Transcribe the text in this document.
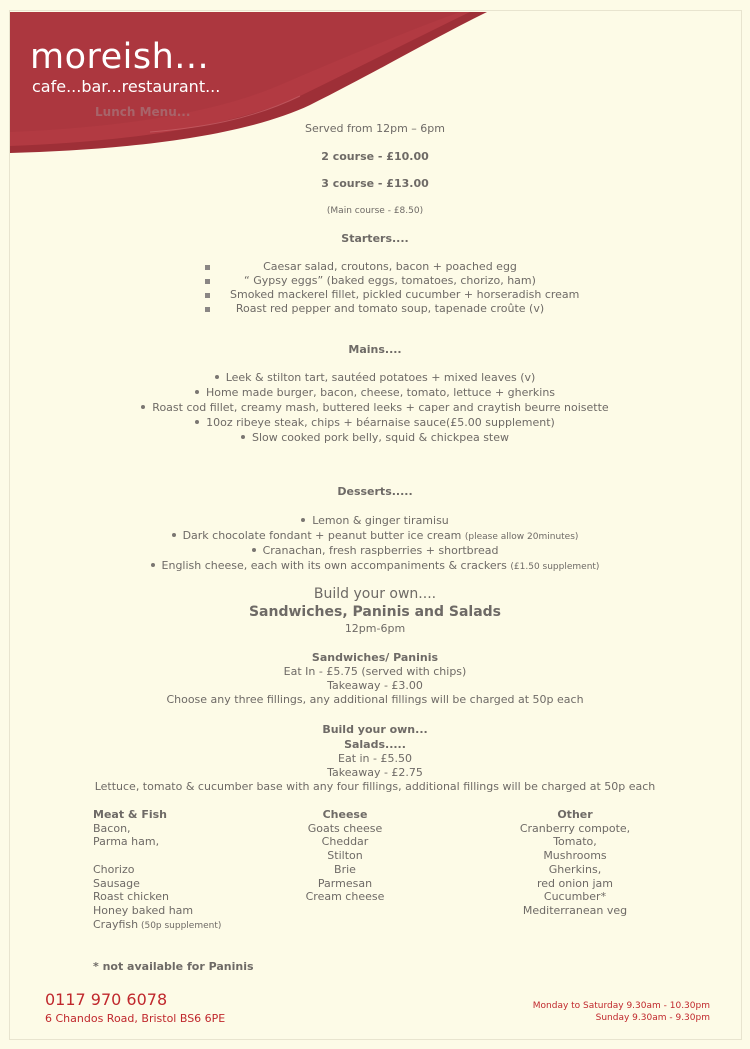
moreish...
cafe...bar...restaurant...
Lunch Menu...
Served from 12pm – 6pm
2 course - £10.00
3 course - £13.00
(Main course - £8.50)
Starters....
Caesar salad, croutons, bacon + poached egg
“ Gypsy eggs” (baked eggs, tomatoes, chorizo, ham)
Smoked mackerel fillet, pickled cucumber + horseradish cream
Roast red pepper and tomato soup, tapenade croûte (v)
Mains....
Leek & stilton tart, sautéed potatoes + mixed leaves (v)
Home made burger, bacon, cheese, tomato, lettuce + gherkins
Roast cod fillet, creamy mash, buttered leeks + caper and craytish beurre noisette
10oz ribeye steak, chips + béarnaise sauce(£5.00 supplement)
Slow cooked pork belly, squid & chickpea stew
Desserts.....
Lemon & ginger tiramisu
Dark chocolate fondant + peanut butter ice cream (please allow 20minutes)
Cranachan, fresh raspberries + shortbread
English cheese, each with its own accompaniments & crackers (£1.50 supplement)
Build your own....
Sandwiches, Paninis and Salads
12pm-6pm
Sandwiches/ Paninis
Eat In - £5.75 (served with chips)
Takeaway - £3.00
Choose any three fillings, any additional fillings will be charged at 50p each
Build your own...
Salads.....
Eat in - £5.50
Takeaway - £2.75
Lettuce, tomato & cucumber base with any four fillings, additional fillings will be charged at 50p each
Meat & Fish
Bacon,
Parma ham,
Chorizo
Sausage
Roast chicken
Honey baked ham
Crayfish (50p supplement)
Cheese
Goats cheese
Cheddar
Stilton
Brie
Parmesan
Cream cheese
Other
Cranberry compote,
Tomato,
Mushrooms
Gherkins,
red onion jam
Cucumber*
Mediterranean veg
* not available for Paninis
0117 970 6078
6 Chandos Road, Bristol BS6 6PE
Monday to Saturday 9.30am - 10.30pm
Sunday 9.30am - 9.30pm
